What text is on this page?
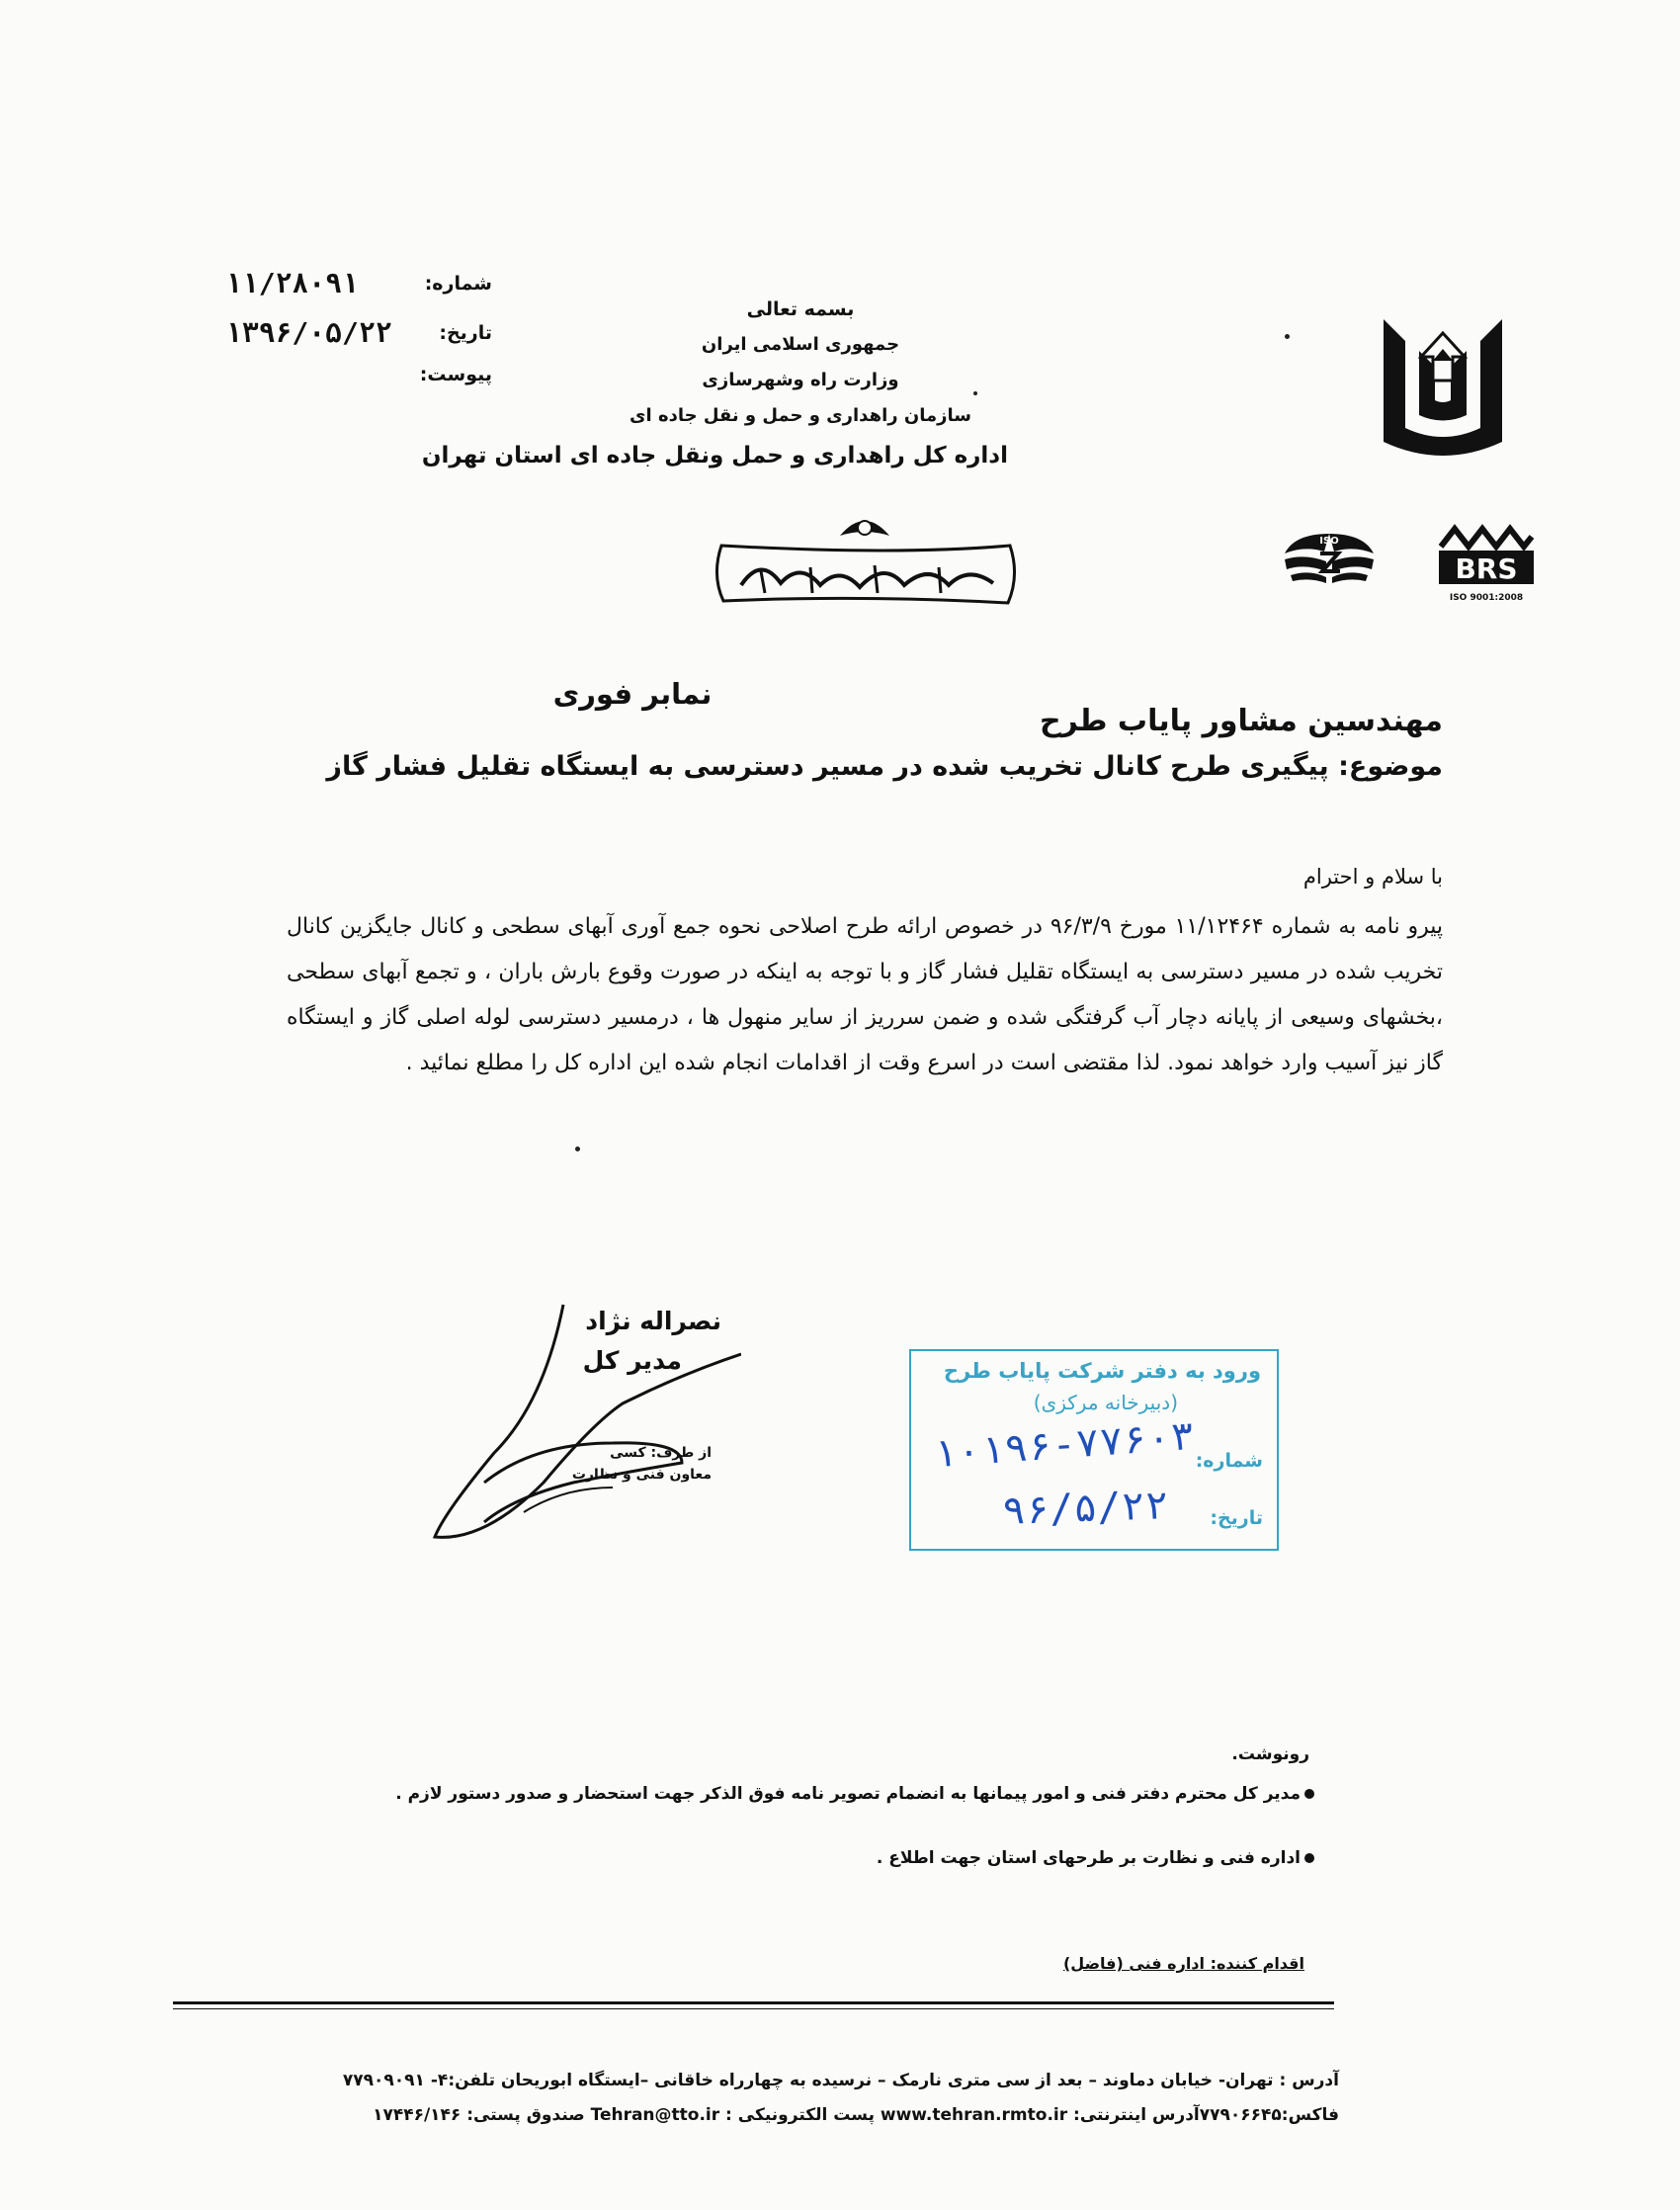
ISO
BRS
ISO 9001:2008
شماره:
۱۱/۲۸۰۹۱
تاریخ:
۱۳۹۶/۰۵/۲۲
پیوست:
بسمه تعالی
جمهوری اسلامی ایران
وزارت راه وشهرسازی
سازمان راهداری و حمل و نقل جاده ای
اداره کل راهداری و حمل ونقل جاده ای استان تهران
نمابر فوری
مهندسین مشاور پایاب طرح
موضوع: پیگیری طرح کانال تخریب شده در مسیر دسترسی به ایستگاه تقلیل فشار گاز
با سلام و احترام
پیرو نامه به شماره ۱۱/۱۲۴۶۴ مورخ ۹۶/۳/۹ در خصوص ارائه طرح اصلاحی نحوه جمع آوری آبهای سطحی و کانال جایگزین کانال تخریب شده در مسیر دسترسی به ایستگاه تقلیل فشار گاز و با توجه به اینکه در صورت وقوع بارش باران ، و تجمع آبهای سطحی ،بخشهای وسیعی از پایانه دچار آب گرفتگی شده و ضمن سرریز از سایر منهول ها ، درمسیر دسترسی لوله اصلی گاز و ایستگاه گاز نیز آسیب وارد خواهد نمود. لذا مقتضی است در اسرع وقت از اقدامات انجام شده این اداره کل را مطلع نمائید .
نصراله نژاد
مدیر کل
از طرف: کسی
معاون فنی و نظارت
ورود به دفتر شرکت پایاب طرح
(دبیرخانه مرکزی)
شماره:
تاریخ:
۱۰۱۹۶-۷۷۶۰۳
۹۶/۵/۲۲
رونوشت.
مدیر کل محترم دفتر فنی و امور پیمانها به انضمام تصویر نامه فوق الذکر جهت استحضار و صدور دستور لازم .
اداره فنی و نظارت بر طرحهای استان جهت اطلاع .
اقدام کننده: اداره فنی (فاضل)
آدرس : تهران- خیابان دماوند – بعد از سی متری نارمک – نرسیده به چهارراه خاقانی –ایستگاه ابوریحان تلفن:۴- ۷۷۹۰۹۰۹۱
فاکس:۷۷۹۰۶۶۴۵آدرس اینترنتی: www.tehran.rmto.ir پست الکترونیکی : Tehran@tto.ir صندوق پستی: ۱۷۴۴۶/۱۴۶
